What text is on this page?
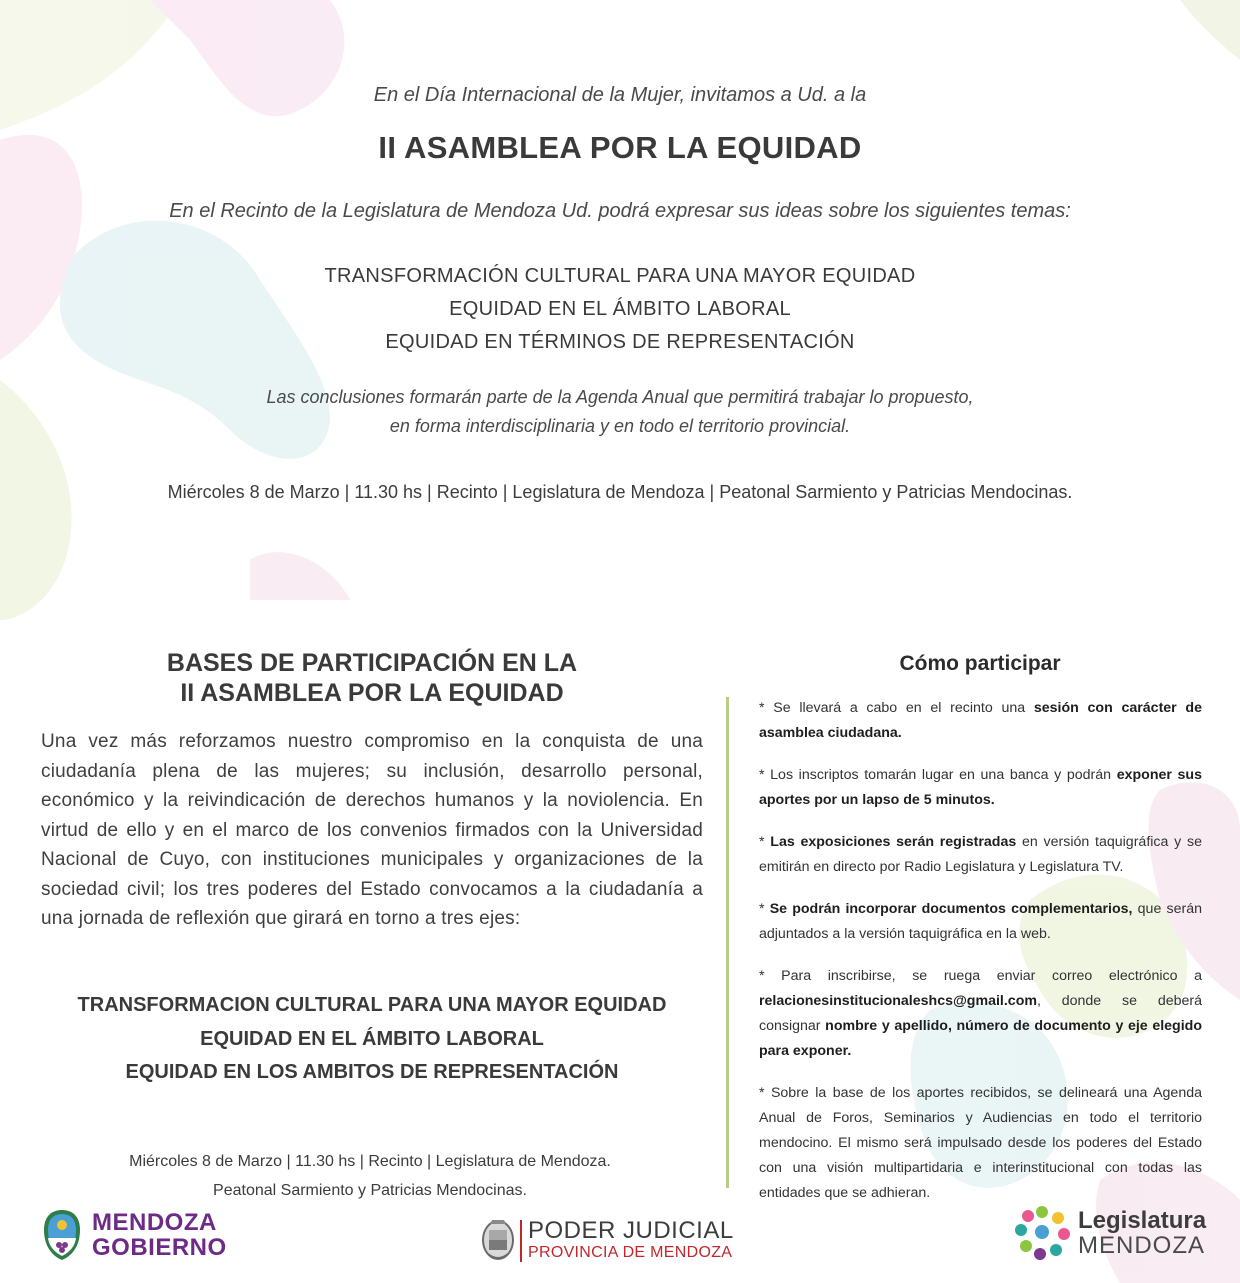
En el Día Internacional de la Mujer, invitamos a Ud. a la
II ASAMBLEA POR LA EQUIDAD
En el Recinto de la Legislatura de Mendoza Ud. podrá expresar sus ideas sobre los siguientes temas:
TRANSFORMACIÓN CULTURAL PARA UNA MAYOR EQUIDAD
EQUIDAD EN EL ÁMBITO LABORAL
EQUIDAD EN TÉRMINOS DE REPRESENTACIÓN
Las conclusiones formarán parte de la Agenda Anual que permitirá trabajar lo propuesto,
en forma interdisciplinaria y en todo el territorio provincial.
Miércoles 8 de Marzo | 11.30 hs | Recinto | Legislatura de Mendoza | Peatonal Sarmiento y Patricias Mendocinas.
BASES DE PARTICIPACIÓN EN LA
II ASAMBLEA POR LA EQUIDAD
Una vez más reforzamos nuestro compromiso en la conquista de una ciudadanía plena de las mujeres; su inclusión, desarrollo personal, económico y la reivindicación de derechos humanos y la noviolencia. En virtud de ello y en el marco de los convenios firmados con la Universidad Nacional de Cuyo, con instituciones municipales y organizaciones de la sociedad civil; los tres poderes del Estado convocamos a la ciudadanía a una jornada de reflexión que girará en torno a tres ejes:
TRANSFORMACION CULTURAL PARA UNA MAYOR EQUIDAD
EQUIDAD EN EL ÁMBITO LABORAL
EQUIDAD EN LOS AMBITOS DE REPRESENTACIÓN
Miércoles 8 de Marzo | 11.30 hs | Recinto | Legislatura de Mendoza.
Peatonal Sarmiento y Patricias Mendocinas.
Cómo participar

* Se llevará a cabo en el recinto una sesión con carácter de asamblea ciudadana.

* Los inscriptos tomarán lugar en una banca y podrán exponer sus aportes por un lapso de 5 minutos.

* Las exposiciones serán registradas en versión taquigráfica y se emitirán en directo por Radio Legislatura y Legislatura TV.

* Se podrán incorporar documentos complementarios, que serán adjuntados a la versión taquigráfica en la web.

* Para inscribirse, se ruega enviar correo electrónico a relacionesinstitucionaleshcs@gmail.com, donde se deberá consignar nombre y apellido, número de documento y eje elegido para exponer.

* Sobre la base de los aportes recibidos, se delineará una Agenda Anual de Foros, Seminarios y Audiencias en todo el territorio mendocino. El mismo será impulsado desde los poderes del Estado con una visión multipartidaria e interinstitucional con todas las entidades que se adhieran.

MENDOZA
GOBIERNO
PODER JUDICIAL
PROVINCIA DE MENDOZA
Legislatura
MENDOZA
